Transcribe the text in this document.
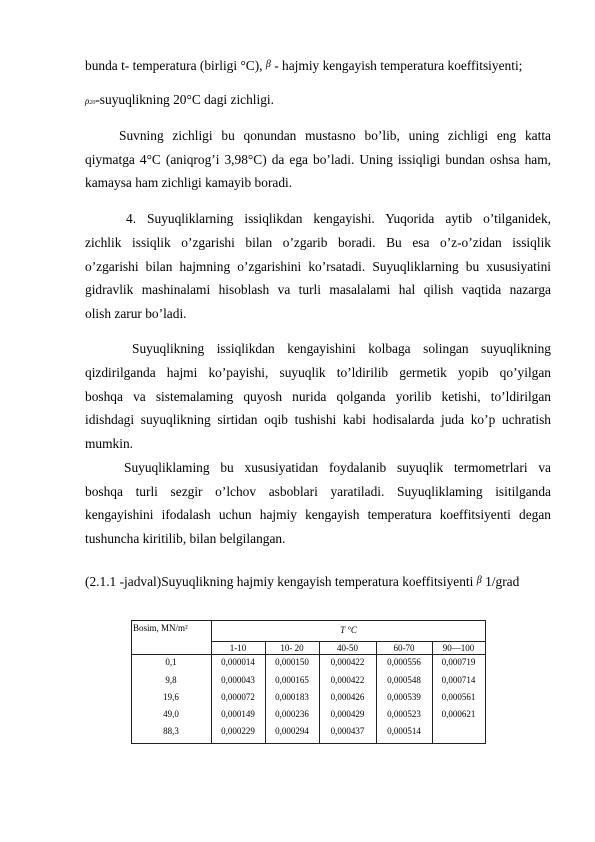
bunda t- temperatura (birligi °C), $^\beta$ - hajmiy kengayish temperatura koeffitsiyenti;
ρ20-suyuqlikning 20°C dagi zichligi.
Suvning zichligi bu qonundan mustasno bo’lib, uning zichligi eng katta
qiymatga 4°C (aniqrog’i 3,98°C) da ega bo’ladi. Uning issiqligi bundan oshsa ham,
kamaysa ham zichligi kamayib boradi.
4. Suyuqliklarning issiqlikdan kengayishi. Yuqorida aytib o’tilganidek,
zichlik issiqlik o’zgarishi bilan o’zgarib boradi. Bu esa o’z-o’zidan issiqlik
o’zgarishi bilan hajmning o’zgarishini ko’rsatadi. Suyuqliklarning bu xususiyatini
gidravlik mashinalami hisoblash va turli masalalami hal qilish vaqtida nazarga
olish zarur bo’ladi.
Suyuqlikning issiqlikdan kengayishini kolbaga solingan suyuqlikning
qizdirilganda hajmi ko’payishi, suyuqlik to’ldirilib germetik yopib qo’yilgan
boshqa va sistemalaming quyosh nurida qolganda yorilib ketishi, to’ldirilgan
idishdagi suyuqlikning sirtidan oqib tushishi kabi hodisalarda juda ko’p uchratish
mumkin.
Suyuqliklaming bu xususiyatidan foydalanib suyuqlik termometrlari va
boshqa turli sezgir o’lchov asboblari yaratiladi. Suyuqliklaming isitilganda
kengayishini ifodalash uchun hajmiy kengayish temperatura koeffitsiyenti degan
tushuncha kiritilib, bilan belgilangan.
(2.1.1 -jadval)Suyuqlikning hajmiy kengayish temperatura koeffitsiyenti $^\beta$ 1/grad
Bosim, MN/m²	T °C
1-10	10- 20	40-50	60-70	90—100
0,1	0,000014	0,000150	0,000422	0,000556	0,000719
9,8	0,000043	0,000165	0,000422	0,000548	0,000714
19,6	0,000072	0,000183	0,000426	0,000539	0,000561
49,0	0,000149	0,000236	0,000429	0,000523	0,000621
88,3	0,000229	0,000294	0,000437	0,000514
